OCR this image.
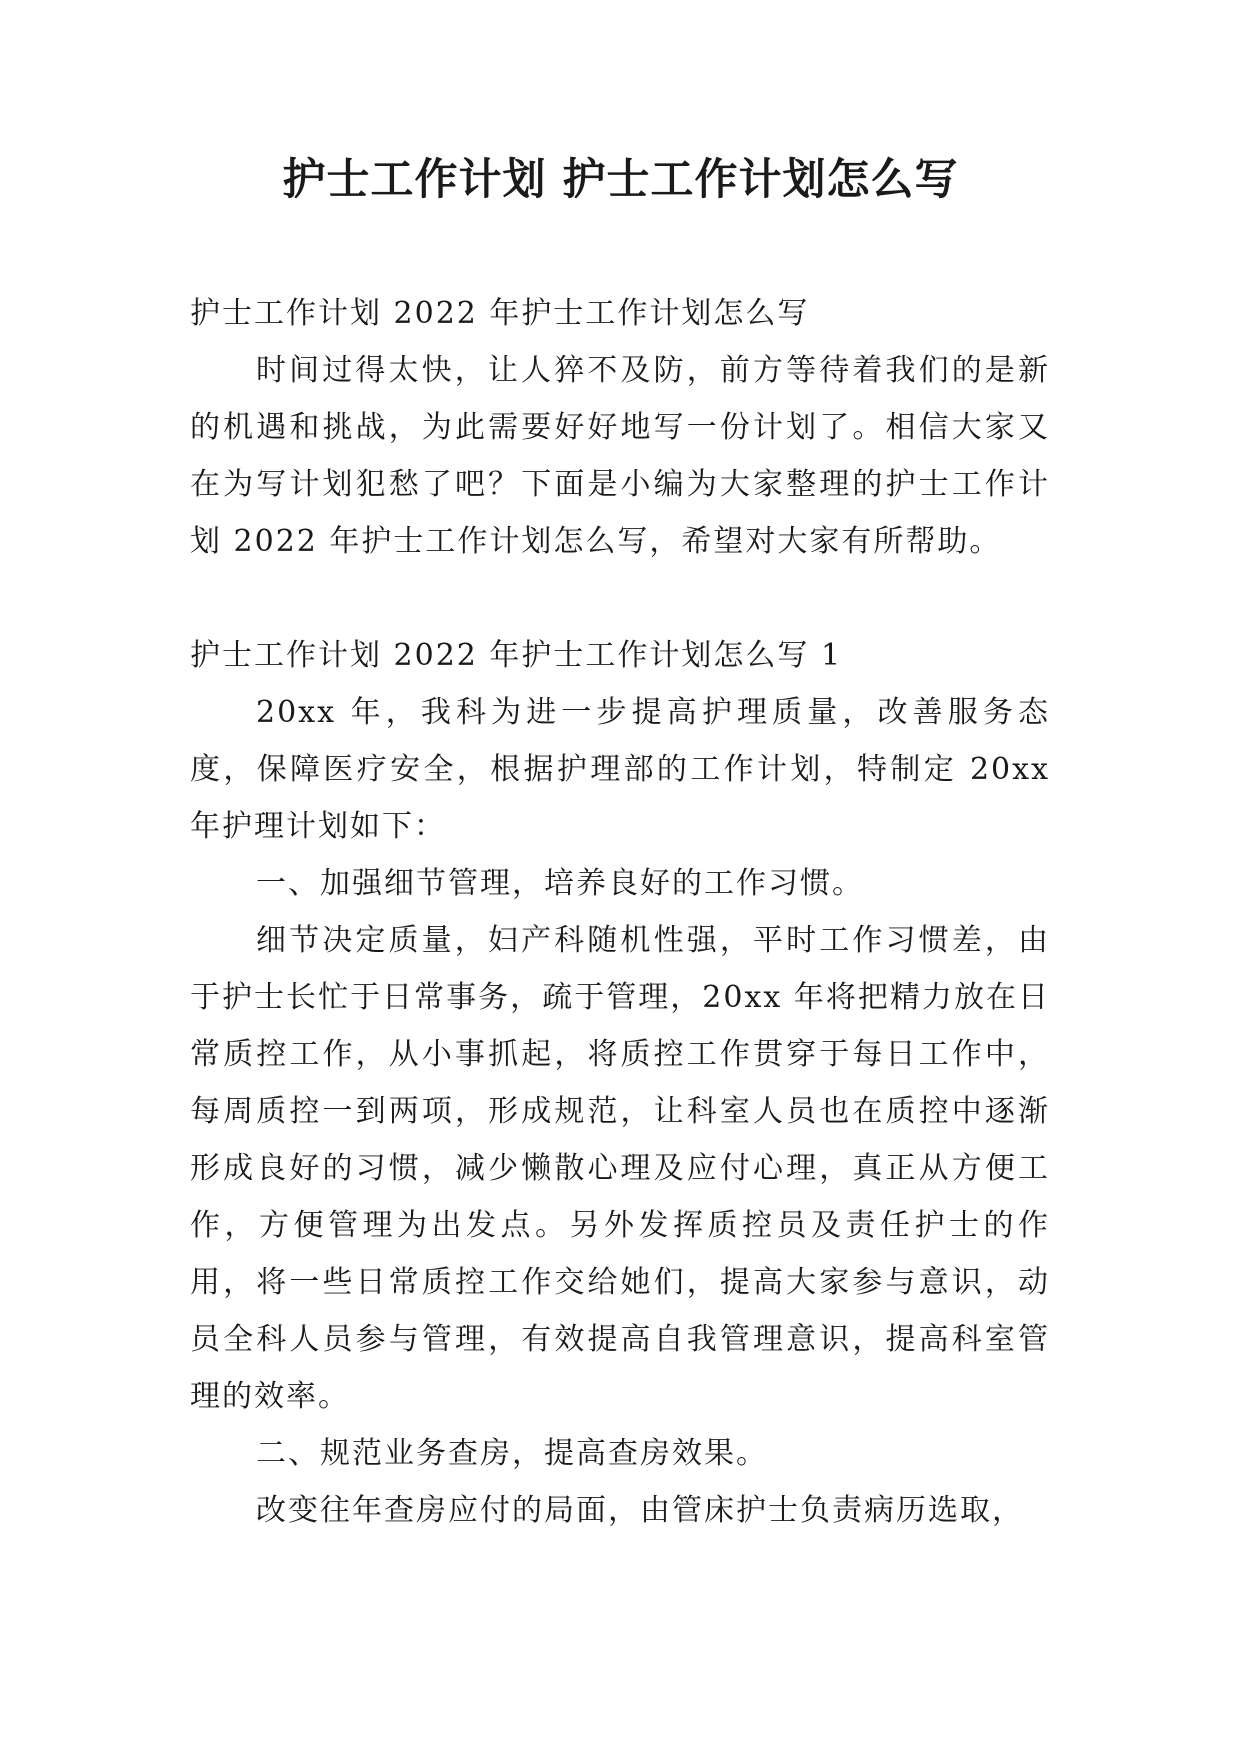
护士工作计划 护士工作计划怎么写

护士工作计划 2022 年护士工作计划怎么写

时间过得太快，让人猝不及防，前方等待着我们的是新的机遇和挑战，为此需要好好地写一份计划了。相信大家又在为写计划犯愁了吧？下面是小编为大家整理的护士工作计划 2022 年护士工作计划怎么写，希望对大家有所帮助。

护士工作计划 2022 年护士工作计划怎么写 1

20xx 年，我科为进一步提高护理质量，改善服务态度，保障医疗安全，根据护理部的工作计划，特制定 20xx 年护理计划如下：

一、加强细节管理，培养良好的工作习惯。

细节决定质量，妇产科随机性强，平时工作习惯差，由于护士长忙于日常事务，疏于管理，20xx 年将把精力放在日常质控工作，从小事抓起，将质控工作贯穿于每日工作中，每周质控一到两项，形成规范，让科室人员也在质控中逐渐形成良好的习惯，减少懒散心理及应付心理，真正从方便工作，方便管理为出发点。另外发挥质控员及责任护士的作用，将一些日常质控工作交给她们，提高大家参与意识，动员全科人员参与管理，有效提高自我管理意识，提高科室管理的效率。

二、规范业务查房，提高查房效果。

改变往年查房应付的局面，由管床护士负责病历选取，
